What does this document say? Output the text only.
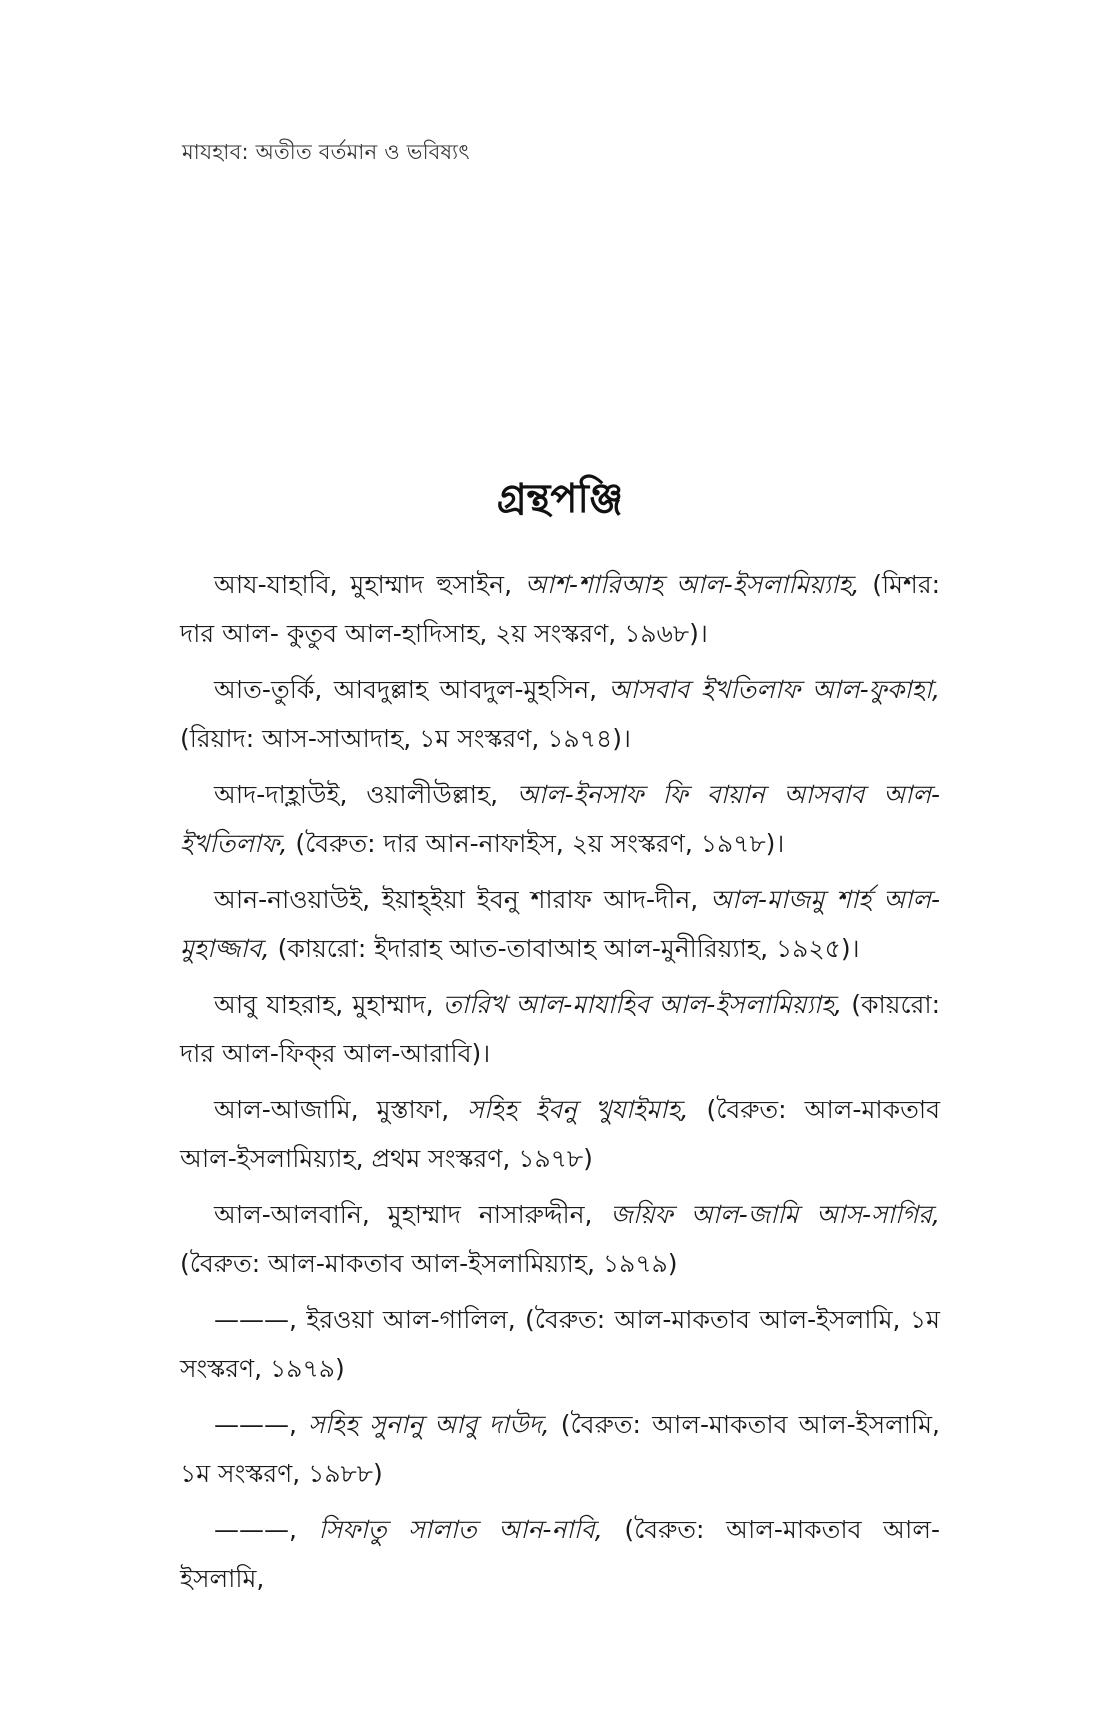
মাযহাব: অতীত বর্তমান ও ভবিষ্যৎ
গ্রন্থপঞ্জি
আয-যাহাবি, মুহাম্মাদ হুসাইন, আশ-শারিআহ আল-ইসলামিয়্যাহ, (মিশর: দার আল- কুতুব আল-হাদিসাহ, ২য় সংস্করণ, ১৯৬৮)।
আত-তুর্কি, আবদুল্লাহ আবদুল-মুহসিন, আসবাব ইখতিলাফ আল-ফুকাহা, (রিয়াদ: আস-সাআদাহ, ১ম সংস্করণ, ১৯৭৪)।
আদ-দাহ্লাউই, ওয়ালীউল্লাহ, আল-ইনসাফ ফি বায়ান আসবাব আল-ইখতিলাফ, (বৈরুত: দার আন-নাফাইস, ২য় সংস্করণ, ১৯৭৮)।
আন-নাওয়াউই, ইয়াহ্ইয়া ইবনু শারাফ আদ-দীন, আল-মাজমু শার্হ আল-মুহাজ্জাব, (কায়রো: ইদারাহ আত-তাবাআহ আল-মুনীরিয়্যাহ, ১৯২৫)।
আবু যাহরাহ, মুহাম্মাদ, তারিখ আল-মাযাহিব আল-ইসলামিয়্যাহ, (কায়রো: দার আল-ফিক্‌র আল-আরাবি)।
আল-আজামি, মুস্তাফা, সহিহ ইবনু খুযাইমাহ, (বৈরুত: আল-মাকতাব আল-ইসলামিয়্যাহ, প্রথম সংস্করণ, ১৯৭৮)
আল-আলবানি, মুহাম্মাদ নাসারুদ্দীন, জয়িফ আল-জামি আস-সাগির, (বৈরুত: আল-মাকতাব আল-ইসলামিয়্যাহ, ১৯৭৯)
———, ইরওয়া আল-গালিল, (বৈরুত: আল-মাকতাব আল-ইসলামি, ১ম সংস্করণ, ১৯৭৯)
———, সহিহ সুনানু আবু দাউদ, (বৈরুত: আল-মাকতাব আল-ইসলামি, ১ম সংস্করণ, ১৯৮৮)
———, সিফাতু সালাত আন-নাবি, (বৈরুত: আল-মাকতাব আল-ইসলামি,
